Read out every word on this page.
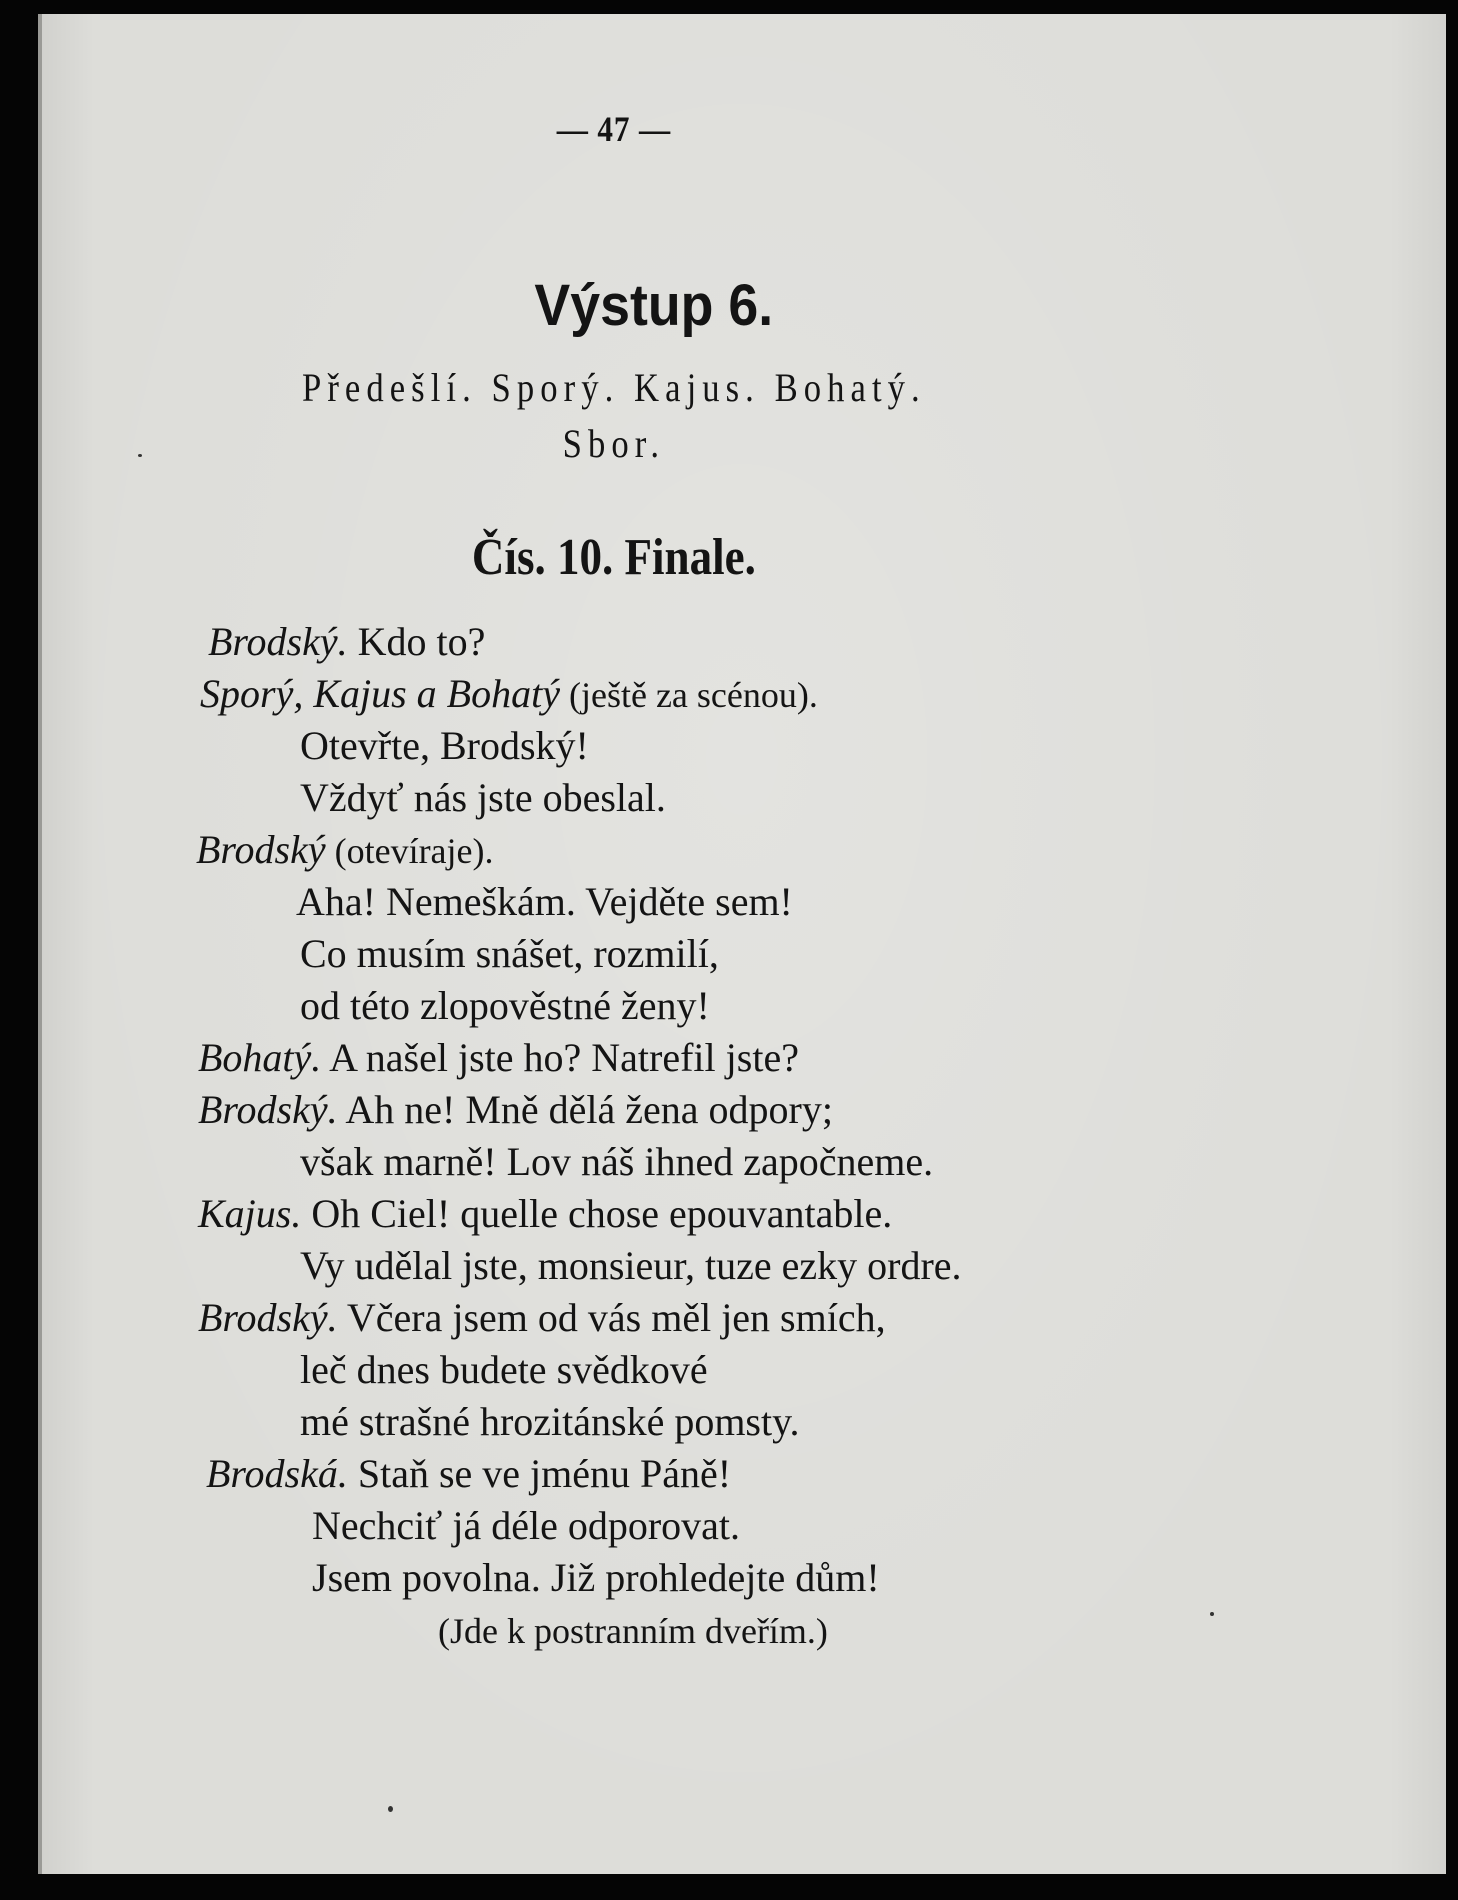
— 47 —
Výstup 6.
Předešlí. Sporý. Kajus. Bohatý.
Sbor.
Čís. 10. Finale.
Brodský. Kdo to?
Sporý, Kajus a Bohatý (ještě za scénou).
Otevřte, Brodský!
Vždyť nás jste obeslal.
Brodský (otevíraje).
Aha! Nemeškám. Vejděte sem!
Co musím snášet, rozmilí,
od této zlopověstné ženy!
Bohatý. A našel jste ho? Natrefil jste?
Brodský. Ah ne! Mně dělá žena odpory;
však marně! Lov náš ihned započneme.
Kajus. Oh Ciel! quelle chose epouvantable.
Vy udělal jste, monsieur, tuze ezky ordre.
Brodský. Včera jsem od vás měl jen smích,
leč dnes budete svědkové
mé strašné hrozitánské pomsty.
Brodská. Staň se ve jménu Páně!
Nechciť já déle odporovat.
Jsem povolna. Již prohledejte dům!
(Jde k postranním dveřím.)
